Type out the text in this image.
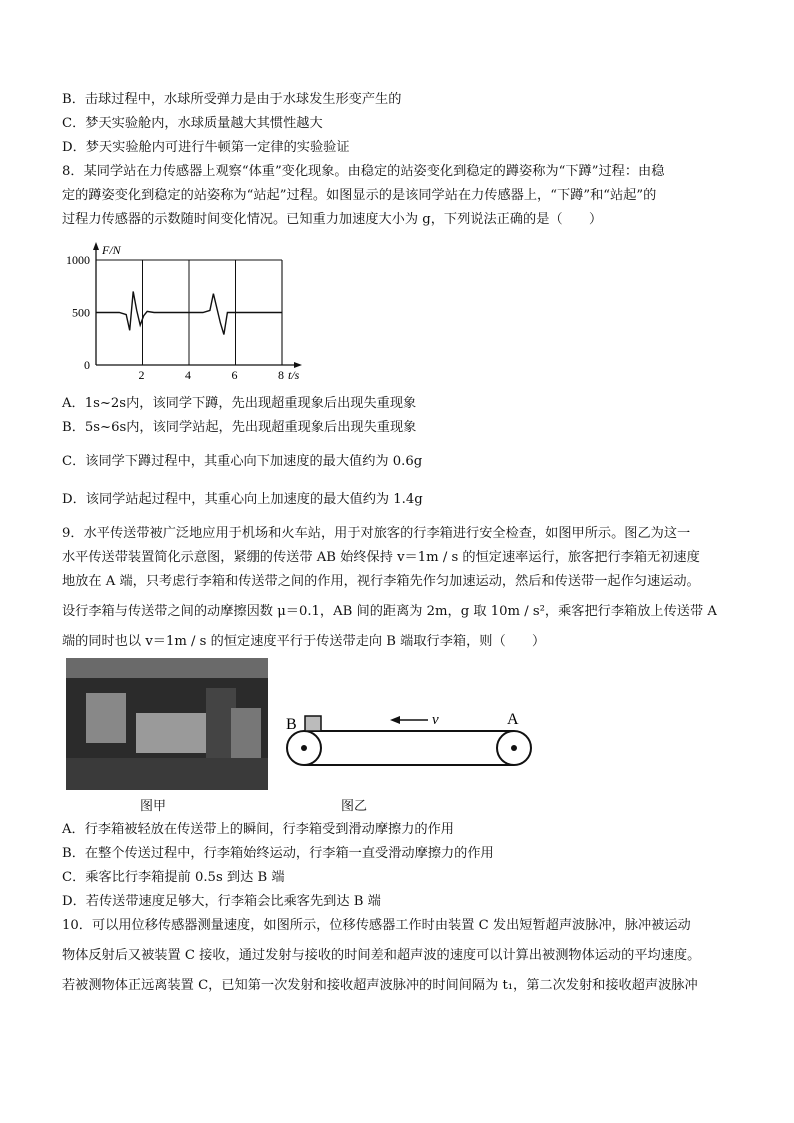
B．击球过程中，水球所受弹力是由于水球发生形变产生的
C．梦天实验舱内，水球质量越大其惯性越大
D．梦天实验舱内可进行牛顿第一定律的实验验证
8．某同学站在力传感器上观察“体重”变化现象。由稳定的站姿变化到稳定的蹲姿称为“下蹲”过程：由稳
定的蹲姿变化到稳定的站姿称为“站起”过程。如图显示的是该同学站在力传感器上，“下蹲”和“站起”的
过程力传感器的示数随时间变化情况。已知重力加速度大小为 g，下列说法正确的是（　　）
2	4	6	8
0
500
1000
F/N
t/s
A．1s~2s内，该同学下蹲，先出现超重现象后出现失重现象
B．5s~6s内，该同学站起，先出现超重现象后出现失重现象
C．该同学下蹲过程中，其重心向下加速度的最大值约为 0.6g
D．该同学站起过程中，其重心向上加速度的最大值约为 1.4g
9．水平传送带被广泛地应用于机场和火车站，用于对旅客的行李箱进行安全检查，如图甲所示。图乙为这一
水平传送带装置简化示意图，紧绷的传送带 AB 始终保持 v＝1m / s 的恒定速率运行，旅客把行李箱无初速度
地放在 A 端，只考虑行李箱和传送带之间的作用，视行李箱先作匀加速运动，然后和传送带一起作匀速运动。
设行李箱与传送带之间的动摩擦因数 μ＝0.1，AB 间的距离为 2m，g 取 10m / s²，乘客把行李箱放上传送带 A
端的同时也以 v＝1m / s 的恒定速度平行于传送带走向 B 端取行李箱，则（　　）
B	A
v
图甲	图乙
A．行李箱被轻放在传送带上的瞬间，行李箱受到滑动摩擦力的作用
B．在整个传送过程中，行李箱始终运动，行李箱一直受滑动摩擦力的作用
C．乘客比行李箱提前 0.5s 到达 B 端
D．若传送带速度足够大，行李箱会比乘客先到达 B 端
10．可以用位移传感器测量速度，如图所示，位移传感器工作时由装置 C 发出短暂超声波脉冲，脉冲被运动
物体反射后又被装置 C 接收，通过发射与接收的时间差和超声波的速度可以计算出被测物体运动的平均速度。
若被测物体正远离装置 C，已知第一次发射和接收超声波脉冲的时间间隔为 t₁，第二次发射和接收超声波脉冲
